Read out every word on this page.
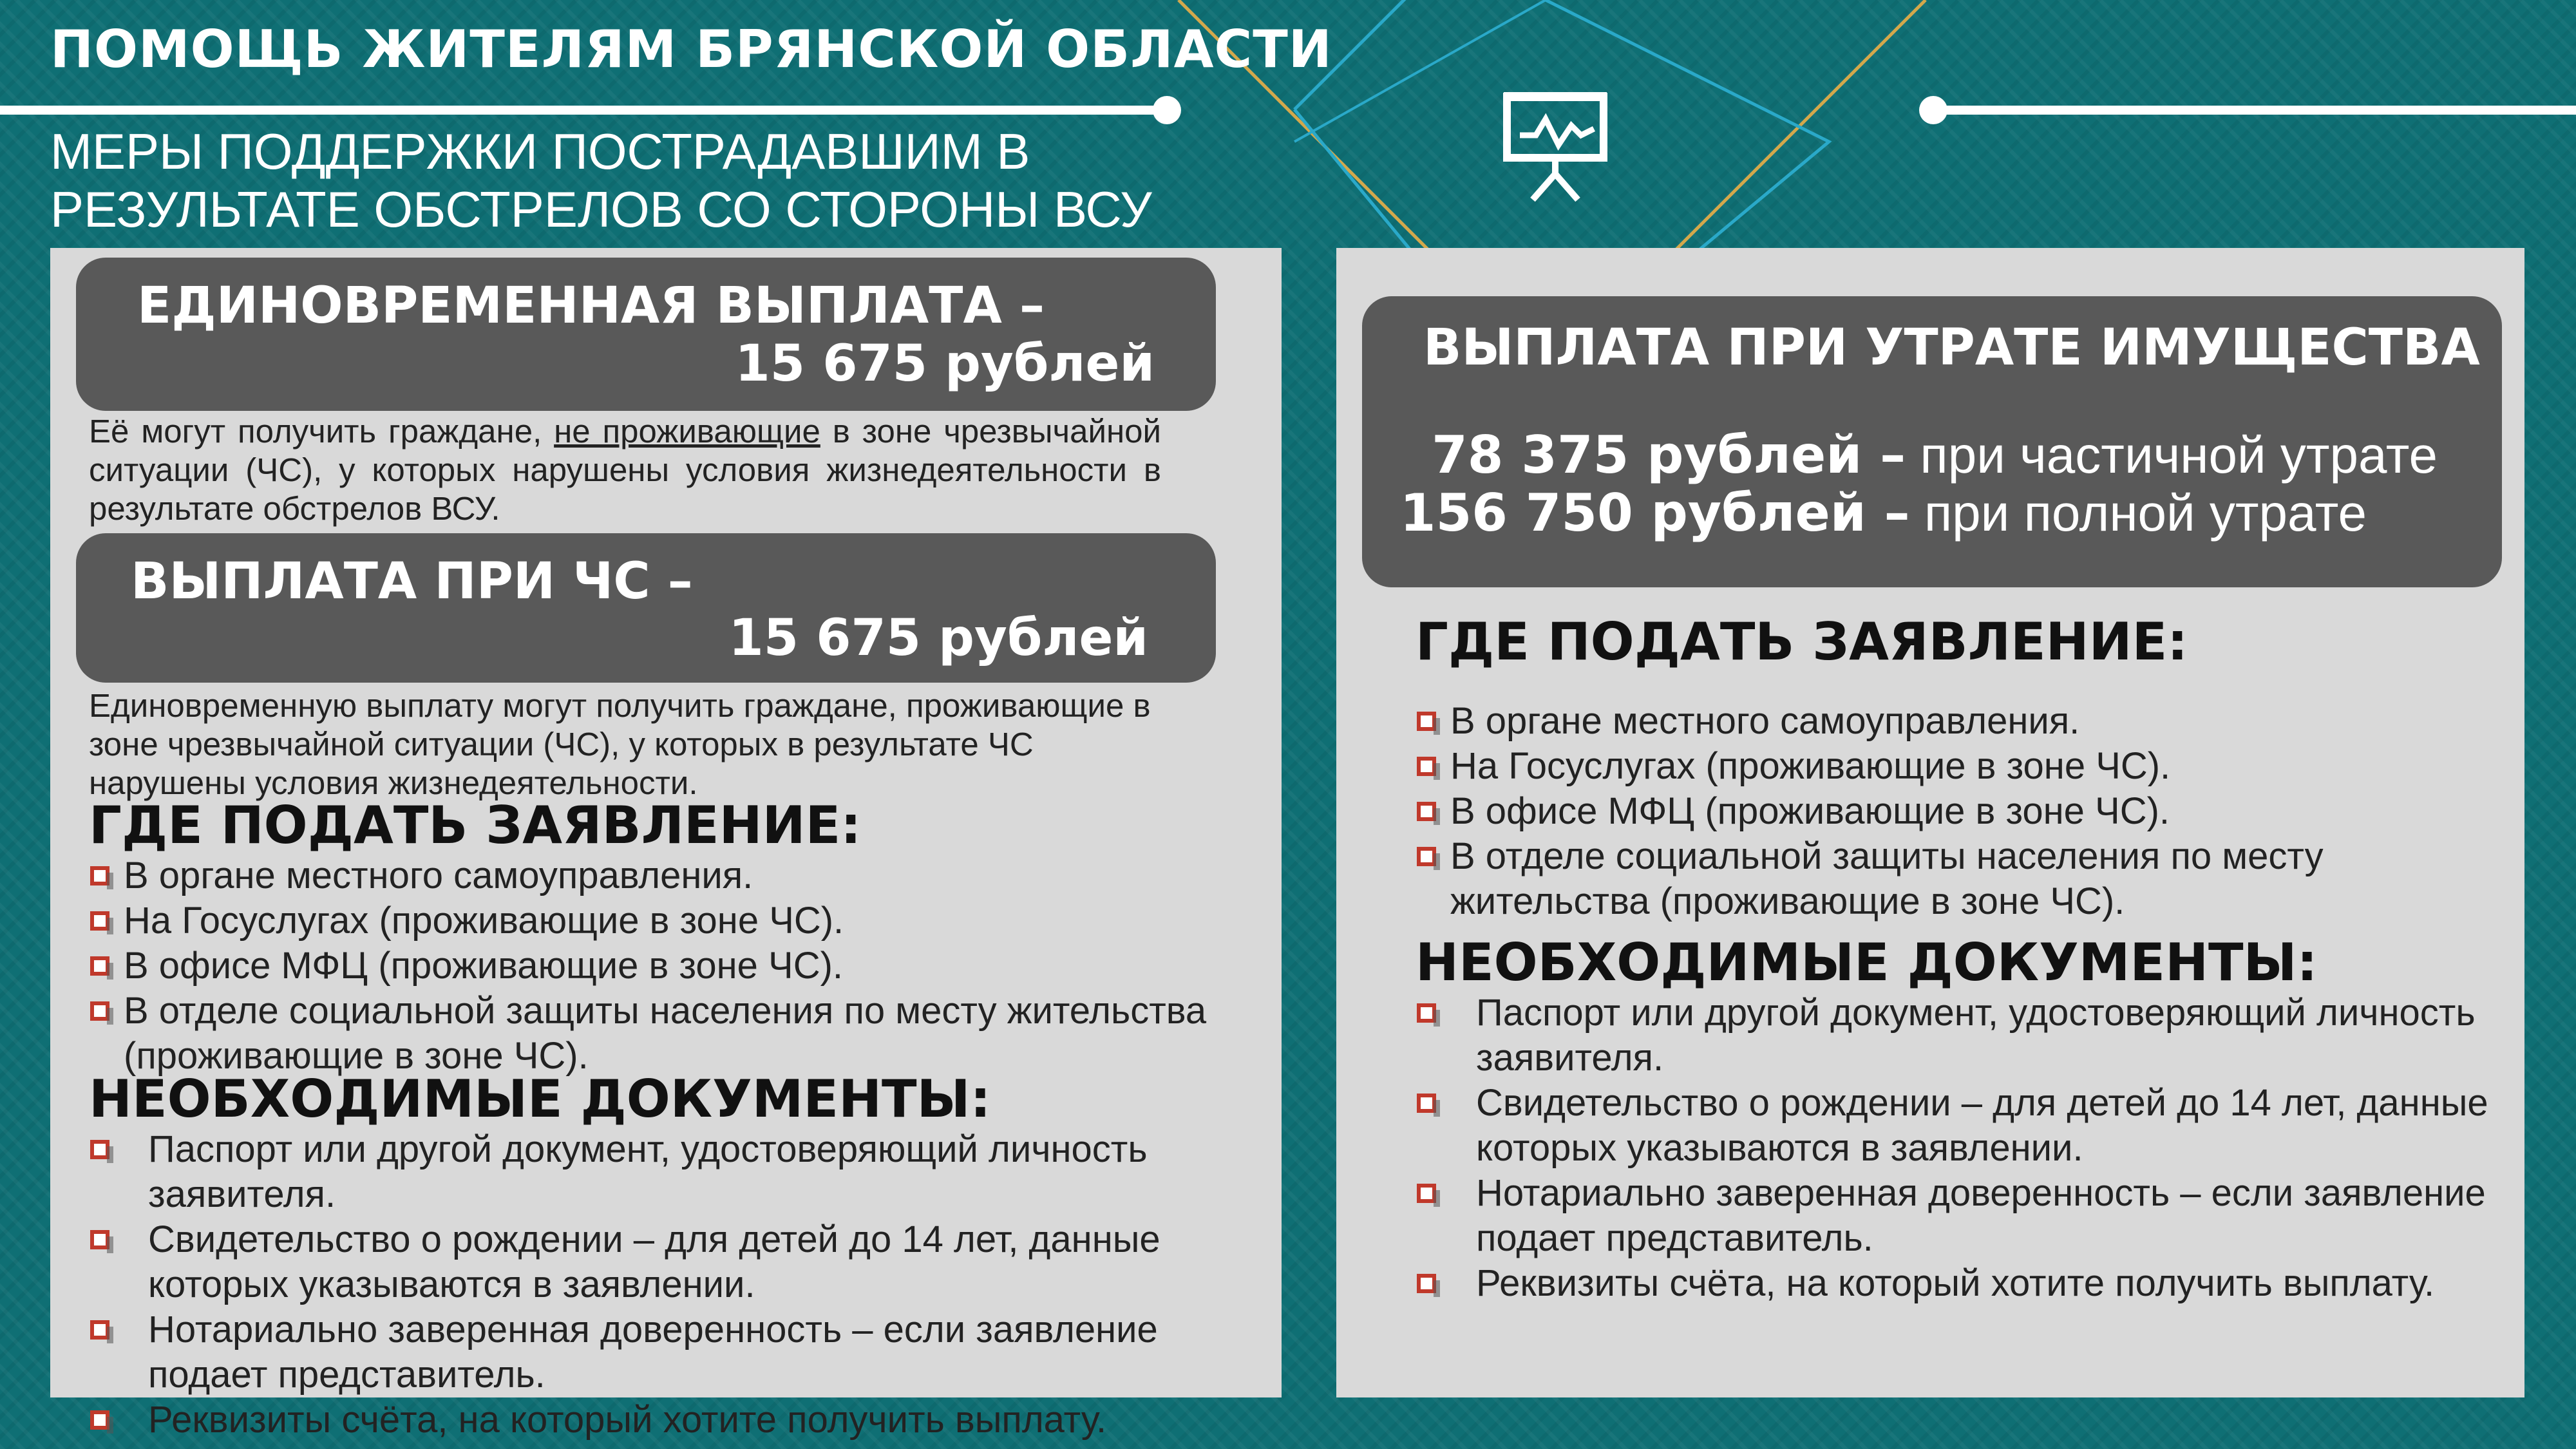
ПОМОЩЬ ЖИТЕЛЯМ БРЯНСКОЙ ОБЛАСТИ
МЕРЫ ПОДДЕРЖКИ ПОСТРАДАВШИМ В
РЕЗУЛЬТАТЕ ОБСТРЕЛОВ СО СТОРОНЫ ВСУ
ЕДИНОВРЕМЕННАЯ ВЫПЛАТА –
15 675 рублей
Её могут получить граждане, не проживающие в зоне чрезвычайной ситуации (ЧС), у которых нарушены условия жизнедеятельности в результате обстрелов ВСУ.
ВЫПЛАТА ПРИ ЧС –
15 675 рублей
Единовременную выплату могут получить граждане, проживающие в зоне чрезвычайной ситуации (ЧС), у которых в результате ЧС нарушены условия жизнедеятельности.
ГДЕ ПОДАТЬ ЗАЯВЛЕНИЕ:
В органе местного самоуправления.
На Госуслугах (проживающие в зоне ЧС).
В офисе МФЦ (проживающие в зоне ЧС).
В отделе социальной защиты населения по месту жительства (проживающие в зоне ЧС).
НЕОБХОДИМЫЕ ДОКУМЕНТЫ:
Паспорт или другой документ, удостоверяющий личность заявителя.
Свидетельство о рождении – для детей до 14 лет, данные которых указываются в заявлении.
Нотариально заверенная доверенность – если заявление подает представитель.
Реквизиты счёта, на который хотите получить выплату.
ВЫПЛАТА ПРИ УТРАТЕ ИМУЩЕСТВА
78 375 рублей – при частичной утрате
156 750 рублей – при полной утрате
ГДЕ ПОДАТЬ ЗАЯВЛЕНИЕ:
В органе местного самоуправления.
На Госуслугах (проживающие в зоне ЧС).
В офисе МФЦ (проживающие в зоне ЧС).
В отделе социальной защиты населения по месту жительства (проживающие в зоне ЧС).
НЕОБХОДИМЫЕ ДОКУМЕНТЫ:
Паспорт или другой документ, удостоверяющий личность заявителя.
Свидетельство о рождении – для детей до 14 лет, данные которых указываются в заявлении.
Нотариально заверенная доверенность – если заявление подает представитель.
Реквизиты счёта, на который хотите получить выплату.
